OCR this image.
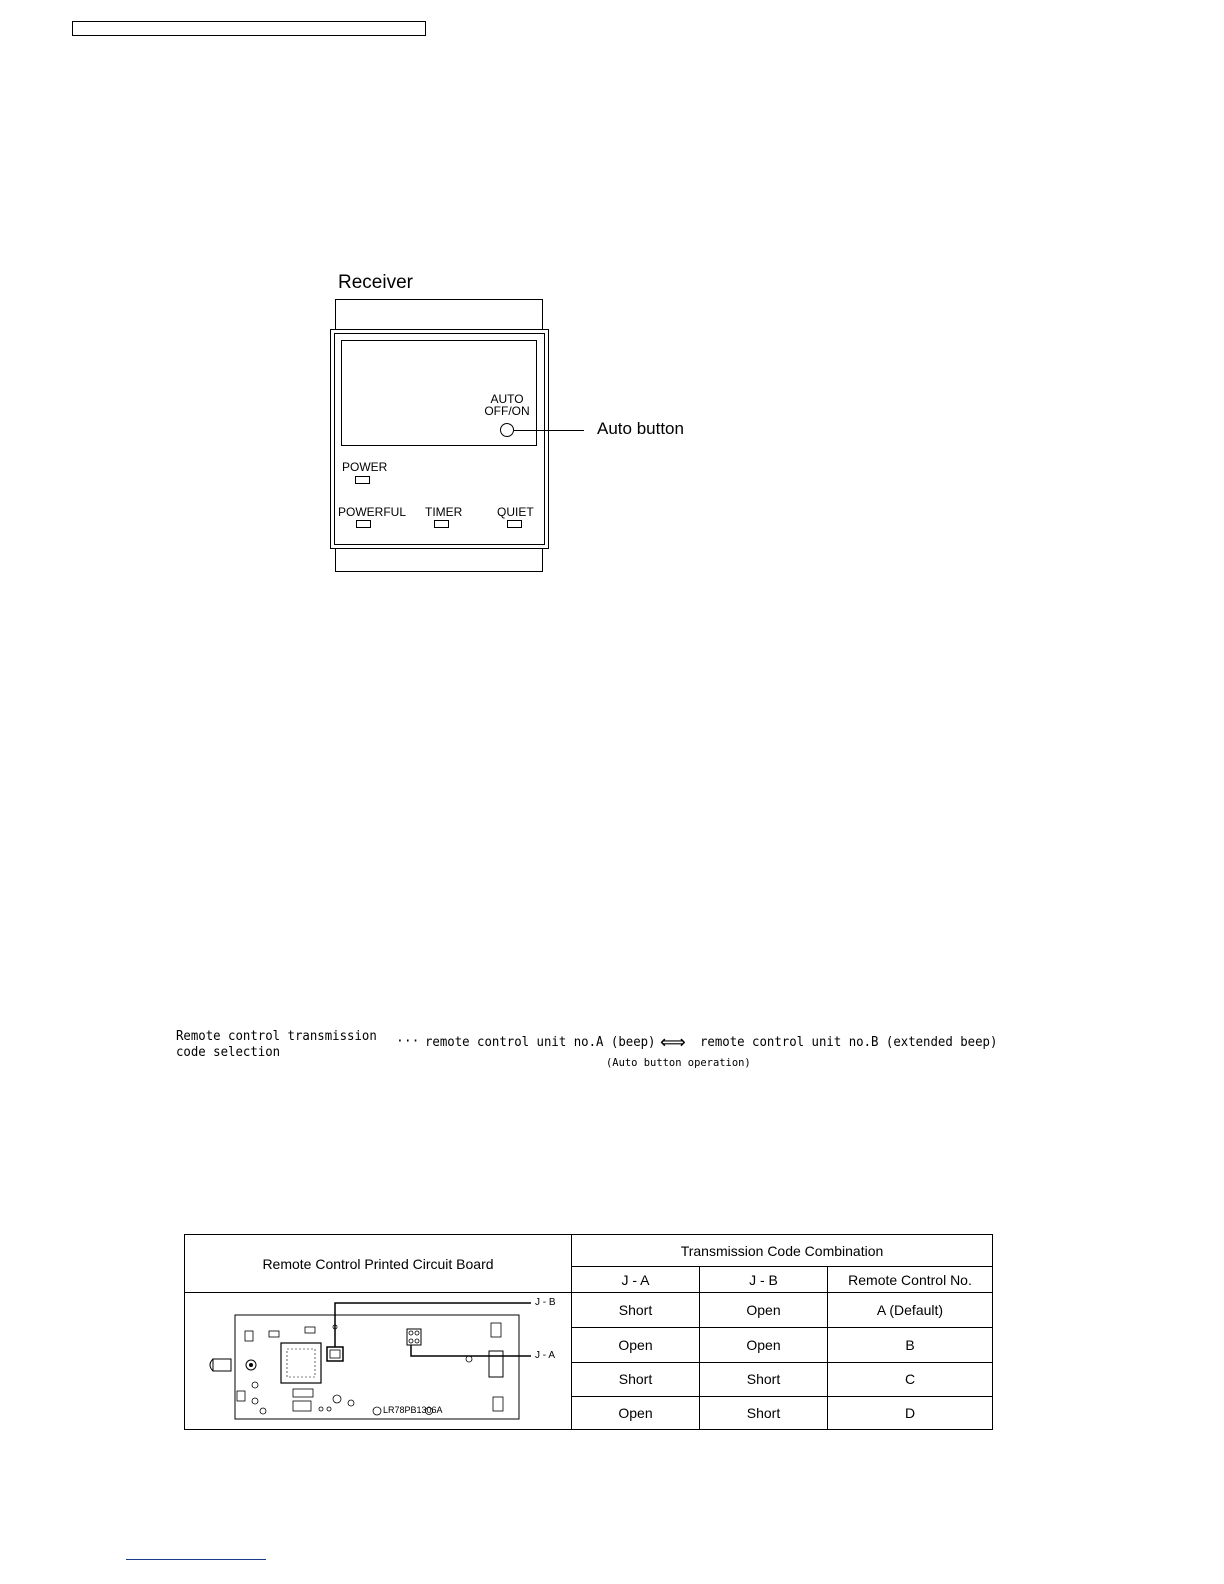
Receiver
AUTO
OFF/ON
Auto button
POWER
POWERFUL TIMER	QUIET
Remote control transmission
code selection
··· remote control unit no.A (beep) ⟺ remote control unit no.B (extended beep)
(Auto button operation)
Remote Control Printed Circuit Board	Transmission Code Combination		
	J - A	J - B	Remote Control No.

J - B
J - A
LR78PB1306A	Short	Open	A (Default)
	Open	Open	B
	Short	Short	C
	Open	Short	D
